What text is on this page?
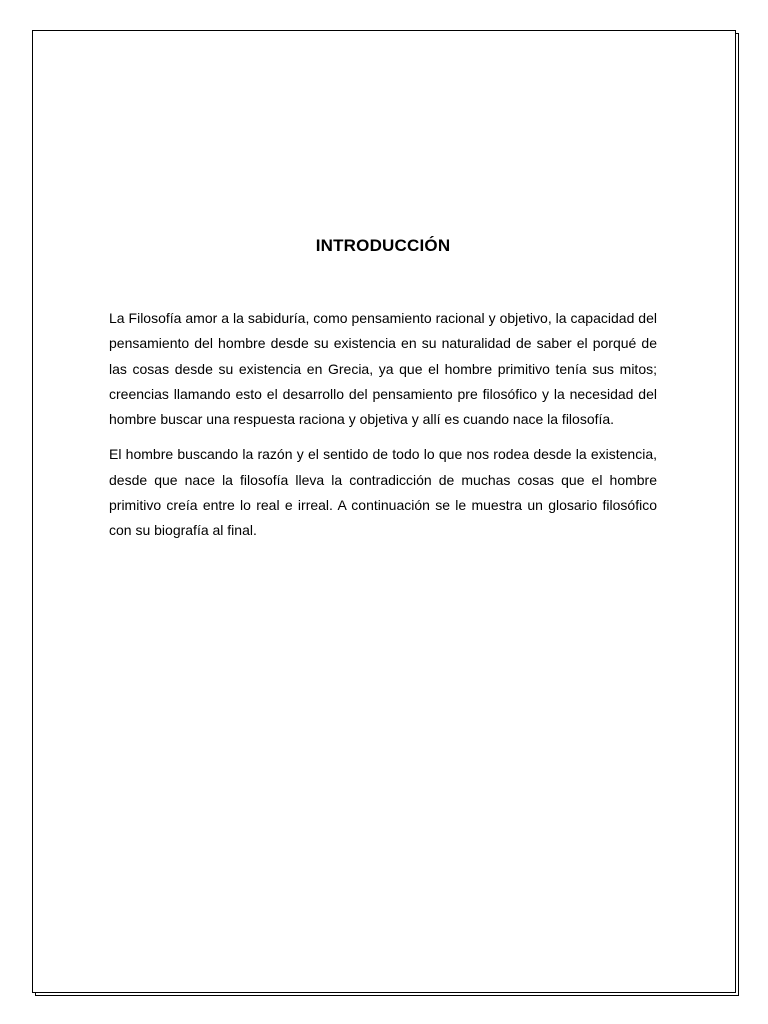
INTRODUCCIÓN

La Filosofía amor a la sabiduría, como pensamiento racional y objetivo, la capacidad del pensamiento del hombre desde su existencia en su naturalidad de saber el porqué de las cosas desde su existencia en Grecia, ya que el hombre primitivo tenía sus mitos; creencias llamando esto el desarrollo del pensamiento pre filosófico y la necesidad del hombre buscar una respuesta raciona y objetiva y allí es cuando nace la filosofía.

El hombre buscando la razón y el sentido de todo lo que nos rodea desde la existencia, desde que nace la filosofía lleva la contradicción de muchas cosas que el hombre primitivo creía entre lo real e irreal. A continuación se le muestra un glosario filosófico con su biografía al final.
